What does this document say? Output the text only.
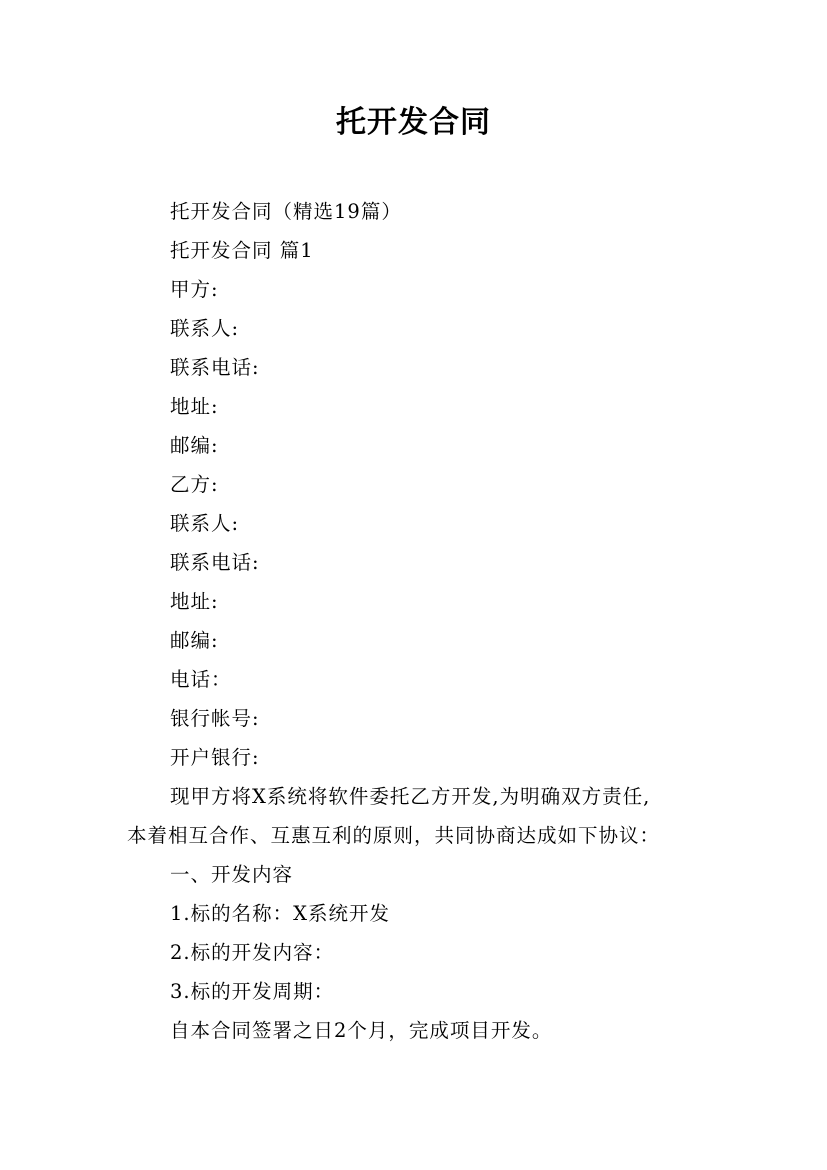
托开发合同
托开发合同（精选19篇）
托开发合同 篇1
甲方:
联系人:
联系电话:
地址:
邮编:
乙方:
联系人:
联系电话:
地址:
邮编:
电话：
银行帐号:
开户银行:
现甲方将X系统将软件委托乙方开发,为明确双方责任,
本着相互合作、互惠互利的原则，共同协商达成如下协议：
一、开发内容
1.标的名称：X系统开发
2.标的开发内容：
3.标的开发周期：
自本合同签署之日2个月，完成项目开发。
